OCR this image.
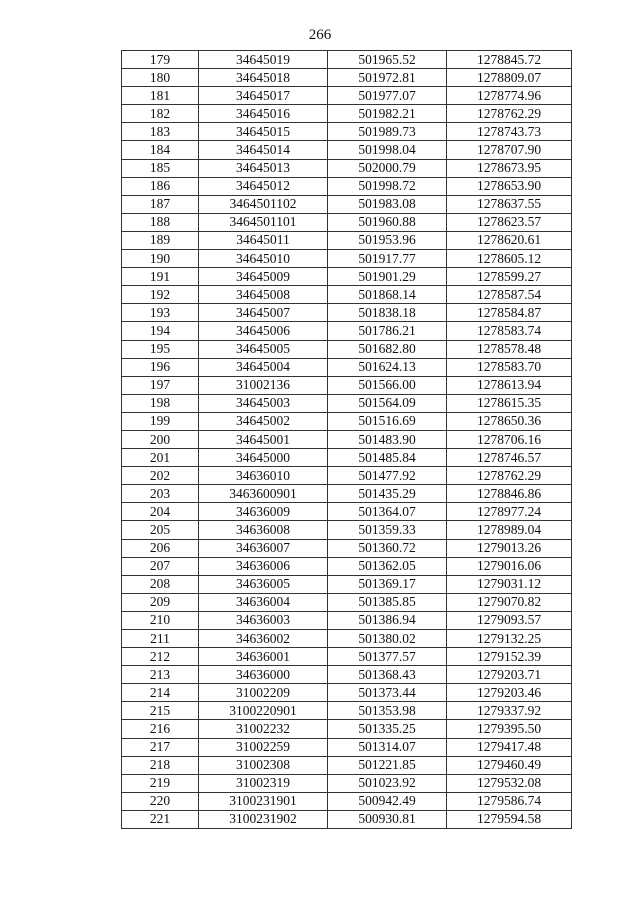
266
179	34645019	501965.52	1278845.72
180	34645018	501972.81	1278809.07
181	34645017	501977.07	1278774.96
182	34645016	501982.21	1278762.29
183	34645015	501989.73	1278743.73
184	34645014	501998.04	1278707.90
185	34645013	502000.79	1278673.95
186	34645012	501998.72	1278653.90
187	3464501102	501983.08	1278637.55
188	3464501101	501960.88	1278623.57
189	34645011	501953.96	1278620.61
190	34645010	501917.77	1278605.12
191	34645009	501901.29	1278599.27
192	34645008	501868.14	1278587.54
193	34645007	501838.18	1278584.87
194	34645006	501786.21	1278583.74
195	34645005	501682.80	1278578.48
196	34645004	501624.13	1278583.70
197	31002136	501566.00	1278613.94
198	34645003	501564.09	1278615.35
199	34645002	501516.69	1278650.36
200	34645001	501483.90	1278706.16
201	34645000	501485.84	1278746.57
202	34636010	501477.92	1278762.29
203	3463600901	501435.29	1278846.86
204	34636009	501364.07	1278977.24
205	34636008	501359.33	1278989.04
206	34636007	501360.72	1279013.26
207	34636006	501362.05	1279016.06
208	34636005	501369.17	1279031.12
209	34636004	501385.85	1279070.82
210	34636003	501386.94	1279093.57
211	34636002	501380.02	1279132.25
212	34636001	501377.57	1279152.39
213	34636000	501368.43	1279203.71
214	31002209	501373.44	1279203.46
215	3100220901	501353.98	1279337.92
216	31002232	501335.25	1279395.50
217	31002259	501314.07	1279417.48
218	31002308	501221.85	1279460.49
219	31002319	501023.92	1279532.08
220	3100231901	500942.49	1279586.74
221	3100231902	500930.81	1279594.58
